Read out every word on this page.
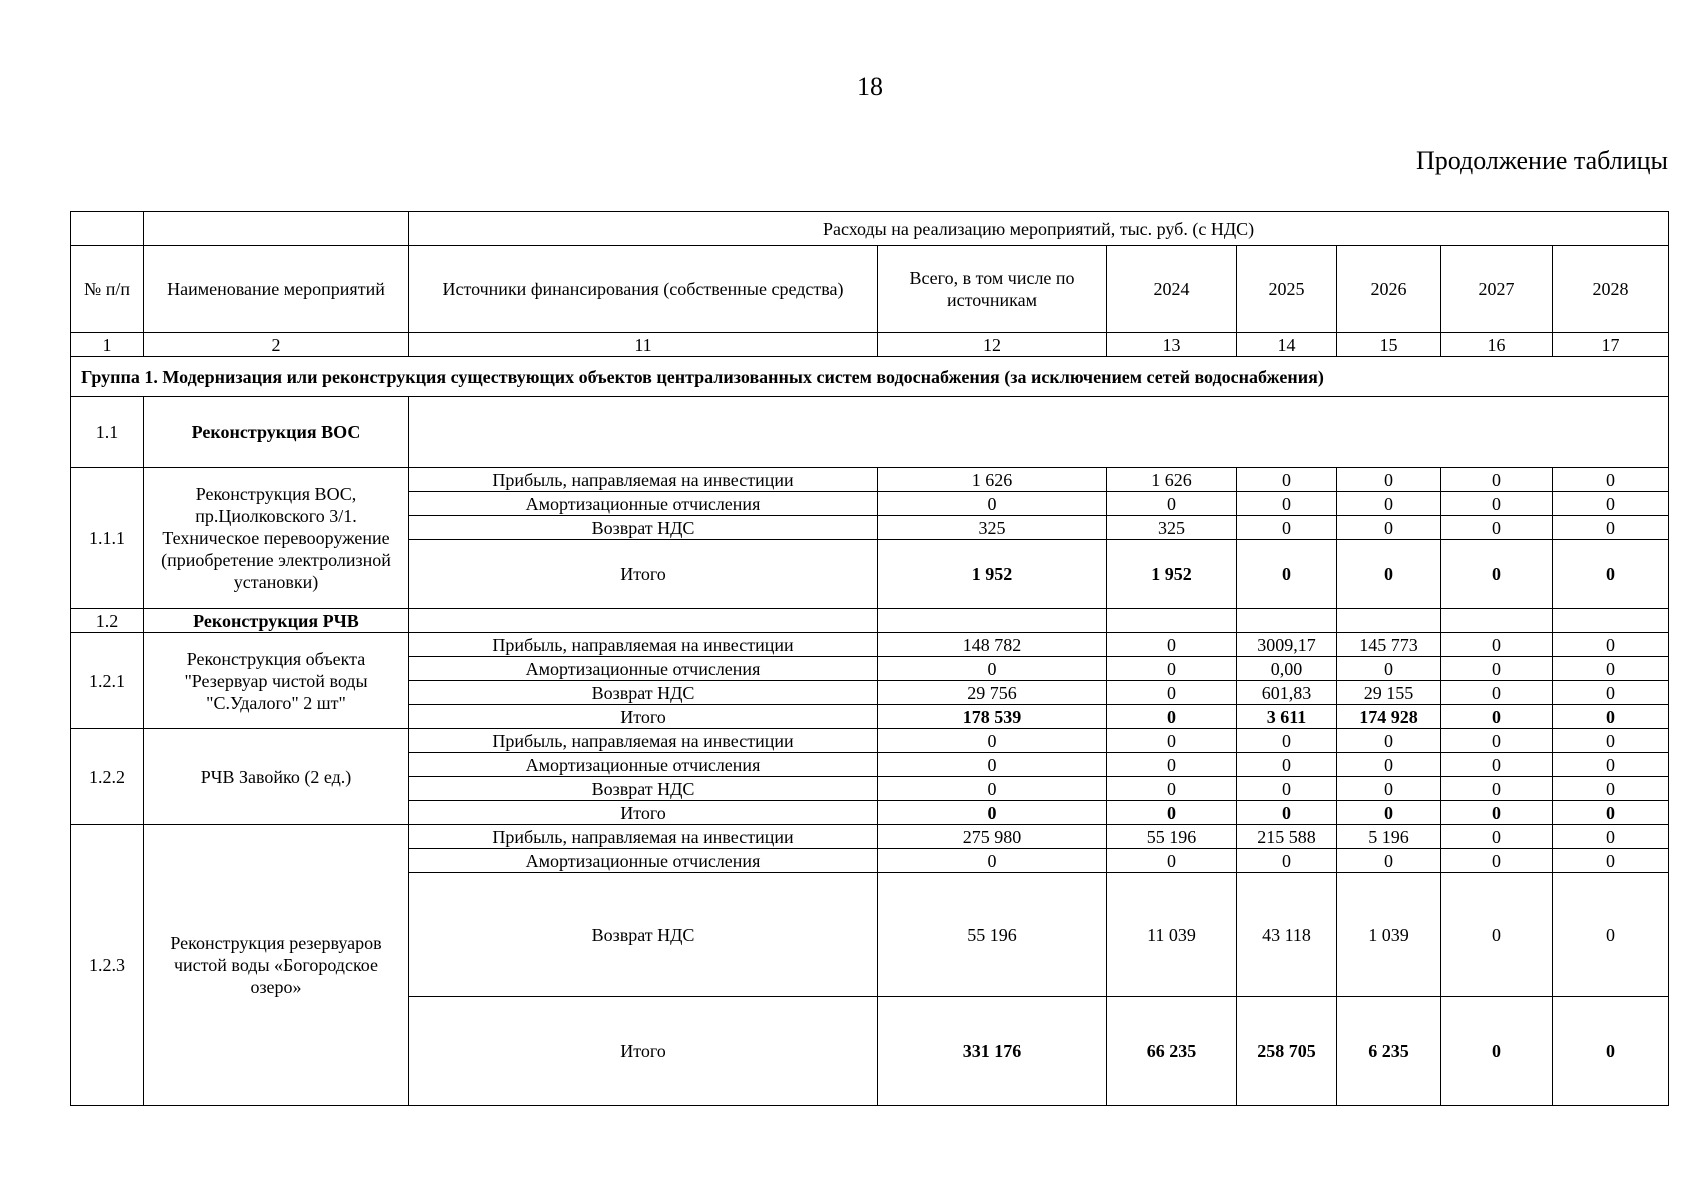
18
Продолжение таблицы
		Расходы на реализацию мероприятий, тыс. руб. (с НДС)						
№ п/п	Наименование мероприятий	Источники финансирования (собственные средства)	Всего, в том числе по источникам	2024	2025	2026	2027	2028
1	2	11	12	13	14	15	16	17
Группа 1. Модернизация или реконструкция существующих объектов централизованных систем водоснабжения (за исключением сетей водоснабжения)								
1.1	Реконструкция ВОС							
1.1.1	Реконструкция ВОС, пр.Циолковского 3/1. Техническое перевооружение (приобретение электролизной установки)	Прибыль, направляемая на инвестиции	1 626	1 626	0	0	0	0
		Амортизационные отчисления	0	0	0	0	0	0
		Возврат НДС	325	325	0	0	0	0
		Итого	1 952	1 952	0	0	0	0
1.2	Реконструкция РЧВ							
1.2.1	Реконструкция объекта "Резервуар чистой воды "С.Удалого" 2 шт"	Прибыль, направляемая на инвестиции	148 782	0	3009,17	145 773	0	0
		Амортизационные отчисления	0	0	0,00	0	0	0
		Возврат НДС	29 756	0	601,83	29 155	0	0
		Итого	178 539	0	3 611	174 928	0	0
1.2.2	РЧВ Завойко (2 ед.)	Прибыль, направляемая на инвестиции	0	0	0	0	0	0
		Амортизационные отчисления	0	0	0	0	0	0
		Возврат НДС	0	0	0	0	0	0
		Итого	0	0	0	0	0	0
1.2.3	Реконструкция резервуаров чистой воды «Богородское озеро»	Прибыль, направляемая на инвестиции	275 980	55 196	215 588	5 196	0	0
		Амортизационные отчисления	0	0	0	0	0	0
		Возврат НДС	55 196	11 039	43 118	1 039	0	0
		Итого	331 176	66 235	258 705	6 235	0	0
